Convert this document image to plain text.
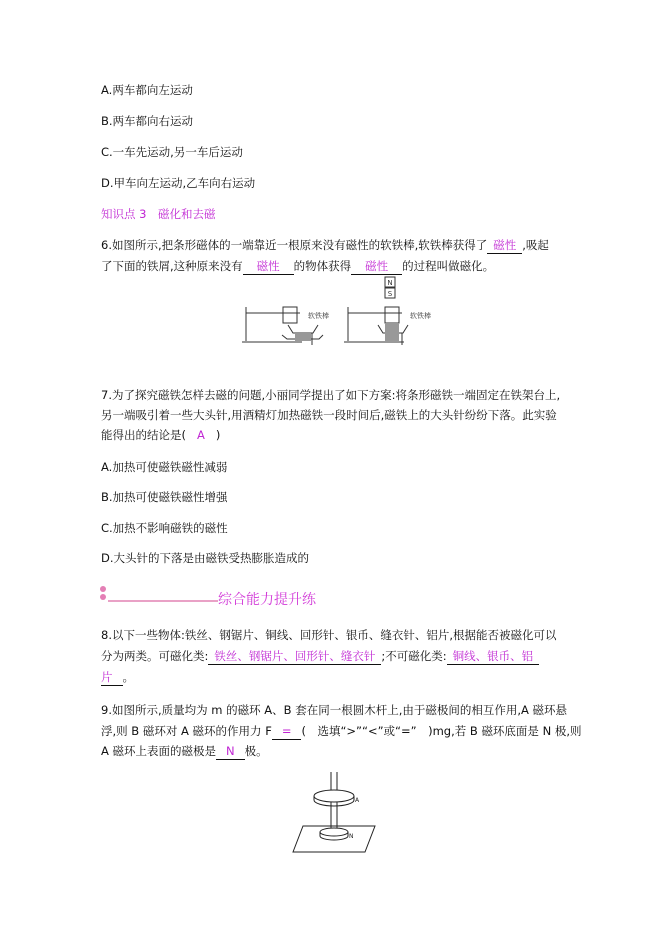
A.两车都向左运动
B.两车都向右运动
C.一车先运动,另一车后运动
D.甲车向左运动,乙车向右运动
知识点 3　磁化和去磁
6.如图所示,把条形磁体的一端靠近一根原来没有磁性的软铁棒,软铁棒获得了 磁性 ,吸起
了下面的铁屑,这种原来没有 磁性 的物体获得 磁性 的过程叫做磁化。
N
S
软铁棒	软铁棒
7.为了探究磁铁怎样去磁的问题,小丽同学提出了如下方案:将条形磁铁一端固定在铁架台上,
另一端吸引着一些大头针,用酒精灯加热磁铁一段时间后,磁铁上的大头针纷纷下落。此实验
能得出的结论是( A )
A.加热可使磁铁磁性减弱
B.加热可使磁铁磁性增强
C.加热不影响磁铁的磁性
D.大头针的下落是由磁铁受热膨胀造成的
综合能力提升练
8.以下一些物体:铁丝、钢锯片、铜线、回形针、银币、缝衣针、铝片,根据能否被磁化可以
分为两类。可磁化类: 铁丝、钢锯片、回形针、缝衣针 ;不可磁化类: 铜线、银币、铝
片 。
9.如图所示,质量均为 m 的磁环 A、B 套在同一根圆木杆上,由于磁极间的相互作用,A 磁环悬
浮,则 B 磁环对 A 磁环的作用力 F = (　选填“>”“<”或“=”　)mg,若 B 磁环底面是 N 极,则
A 磁环上表面的磁极是 N 极。
A
N
